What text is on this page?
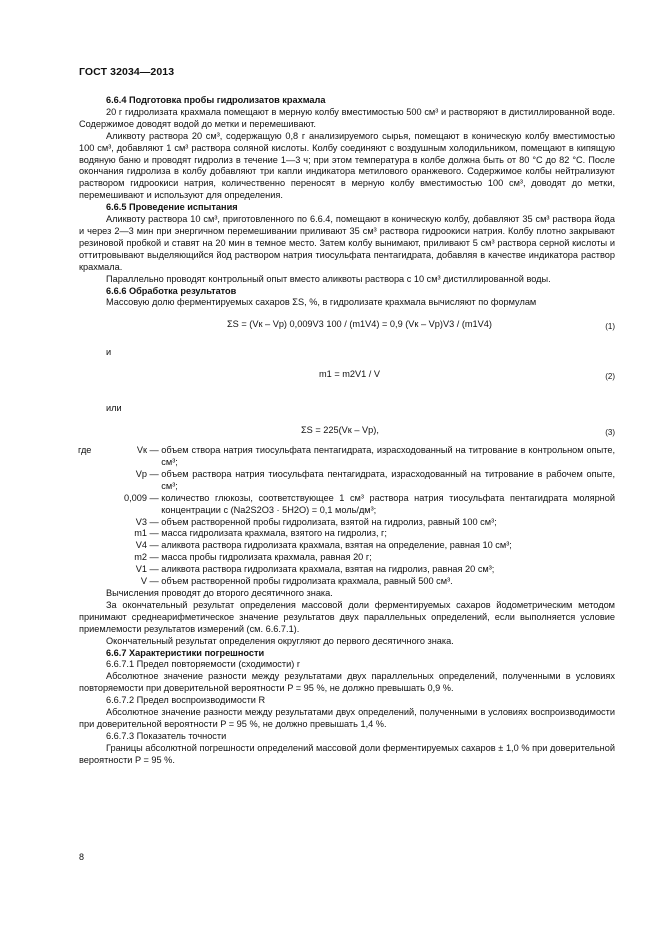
ГОСТ 32034—2013

6.6.4 Подготовка пробы гидролизатов крахмала

20 г гидролизата крахмала помещают в мерную колбу вместимостью 500 см³ и растворяют в дистиллированной воде. Содержимое доводят водой до метки и перемешивают.

Аликвоту раствора 20 см³, содержащую 0,8 г анализируемого сырья, помещают в коническую колбу вместимостью 100 см³, добавляют 1 см³ раствора соляной кислоты. Колбу соединяют с воздушным холодильником, помещают в кипящую водяную баню и проводят гидролиз в течение 1—3 ч; при этом температура в колбе должна быть от 80 °С до 82 °С. После окончания гидролиза в колбу добавляют три капли индикатора метилового оранжевого. Содержимое колбы нейтрализуют раствором гидроокиси натрия, количественно переносят в мерную колбу вместимостью 100 см³, доводят до метки, перемешивают и используют для определения.

6.6.5 Проведение испытания

Аликвоту раствора 10 см³, приготовленного по 6.6.4, помещают в коническую колбу, добавляют 35 см³ раствора йода и через 2—3 мин при энергичном перемешивании приливают 35 см³ раствора гидроокиси натрия. Колбу плотно закрывают резиновой пробкой и ставят на 20 мин в темное место. Затем колбу вынимают, приливают 5 см³ раствора серной кислоты и оттитровывают выделяющийся йод раствором натрия тиосульфата пентагидрата, добавляя в качестве индикатора раствор крахмала.

Параллельно проводят контрольный опыт вместо аликвоты раствора с 10 см³ дистиллированной воды.

6.6.6 Обработка результатов

Массовую долю ферментируемых сахаров ΣS, %, в гидролизате крахмала вычисляют по формулам

ΣS = (Vк – Vр) 0,009V3 100 / (m1V4) = 0,9 (Vк – Vр)V3 / (m1V4)	(1)

и

m1 = m2V1 / V	(2)

или

ΣS = 225(Vк – Vр),	(3)
где	Vк — объем створа натрия тиосульфата пентагидрата, израсходованный на титрование в контрольном опыте, см³;
Vр — объем раствора натрия тиосульфата пентагидрата, израсходованный на титрование в рабочем опыте, см³;
0,009 — количество глюкозы, соответствующее 1 см³ раствора натрия тиосульфата пентагидрата молярной концентрации с (Na2S2O3 · 5H2O) = 0,1 моль/дм³;
V3 — объем растворенной пробы гидролизата, взятой на гидролиз, равный 100 см³;
m1 — масса гидролизата крахмала, взятого на гидролиз, г;
V4 — аликвота раствора гидролизата крахмала, взятая на определение, равная 10 см³;
m2 — масса пробы гидролизата крахмала, равная 20 г;
V1 — аликвота раствора гидролизата крахмала, взятая на гидролиз, равная 20 см³;
V — объем растворенной пробы гидролизата крахмала, равный 500 см³.

Вычисления проводят до второго десятичного знака.

За окончательный результат определения массовой доли ферментируемых сахаров йодометрическим методом принимают среднеарифметическое значение результатов двух параллельных определений, если выполняется условие приемлемости результатов измерений (см. 6.6.7.1).

Окончательный результат определения округляют до первого десятичного знака.

6.6.7 Характеристики погрешности

6.6.7.1 Предел повторяемости (сходимости) r

Абсолютное значение разности между результатами двух параллельных определений, полученными в условиях повторяемости при доверительной вероятности P = 95 %, не должно превышать 0,9 %.

6.6.7.2 Предел воспроизводимости R

Абсолютное значение разности между результатами двух определений, полученными в условиях воспроизводимости при доверительной вероятности P = 95 %, не должно превышать 1,4 %.

6.6.7.3 Показатель точности

Границы абсолютной погрешности определений массовой доли ферментируемых сахаров ± 1,0 % при доверительной вероятности P = 95 %.

8
